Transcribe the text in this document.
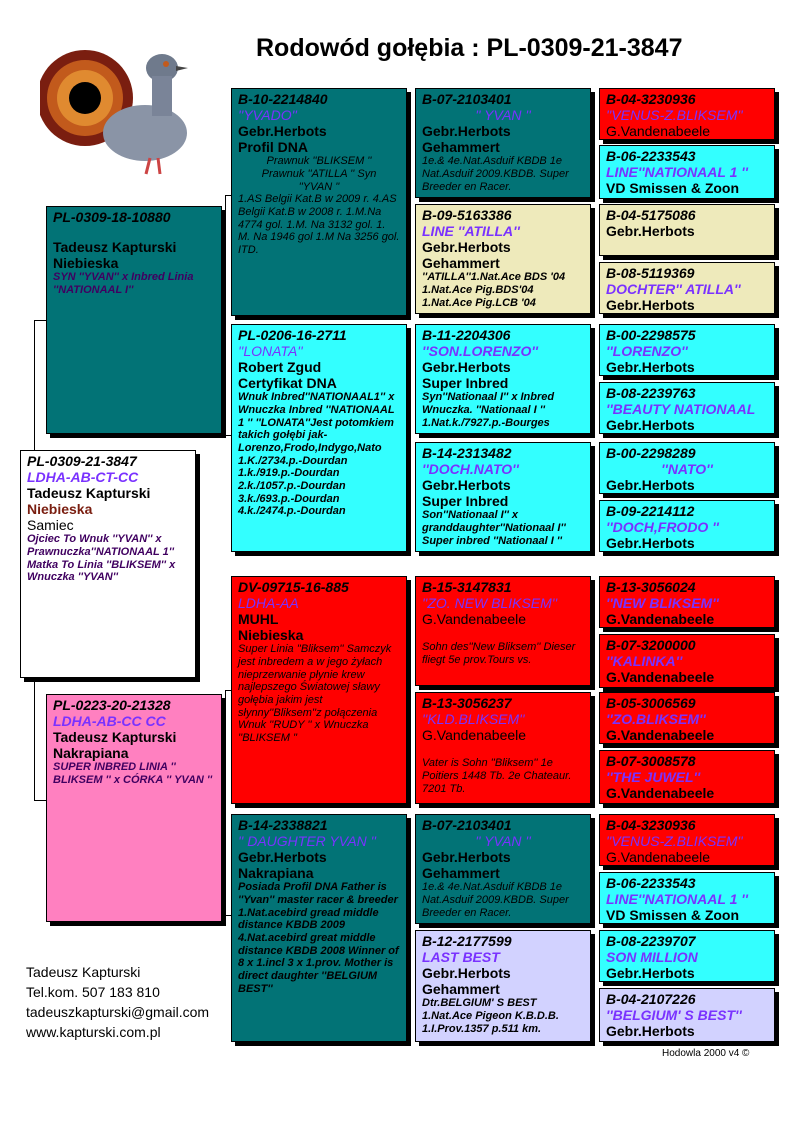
Rodowód gołębia : PL-0309-21-3847
PL-0309-21-3847
LDHA-AB-CT-CC
Tadeusz Kapturski
Niebieska
Samiec
Ojciec To Wnuk ''YVAN'' x Prawnuczka''NATIONAAL 1'' Matka To Linia ''BLIKSEM'' x Wnuczka ''YVAN''
PL-0309-18-10880
Tadeusz Kapturski
Niebieska
SYN ''YVAN'' x Inbred Linia ''NATIONAAL I''
PL-0223-20-21328
LDHA-AB-CC CC
Tadeusz Kapturski
Nakrapiana
SUPER INBRED LINIA '' BLIKSEM '' x CÓRKA '' YVAN ''
B-10-2214840
''YVADO''
Gebr.Herbots
Profil DNA
Prawnuk ''BLIKSEM '' Prawnuk ''ATILLA '' Syn ''YVAN ''
1.AS Belgii Kat.B w 2009 r. 4.AS Belgii Kat.B w 2008 r. 1.M.Na 4774 gol. 1.M. Na 3132 gol. 1. M. Na 1946 gol 1.M Na 3256 gol. ITD.
PL-0206-16-2711
''LONATA''
Robert Zgud
Certyfikat DNA
Wnuk Inbred''NATIONAAL1'' x Wnuczka Inbred ''NATIONAAL 1 '' ''LONATA''Jest potomkiem takich gołębi jak-Lorenzo,Frodo,Indygo,Nato 1.K./2734.p.-Dourdan 1.k./919.p.-Dourdan 2.k./1057.p.-Dourdan 3.k./693.p.-Dourdan 4.k./2474.p.-Dourdan
DV-09715-16-885
LDHA-AA
MUHL
Niebieska
Super Linia ''Bliksem'' Samczyk jest inbredem a w jego żyłach nieprzerwanie płynie krew najlepszego Światowej sławy gołębia jakim jest słynny''Bliksem''z połączenia Wnuk ''RUDY '' x Wnuczka ''BLIKSEM ''
B-14-2338821
'' DAUGHTER YVAN ''
Gebr.Herbots
Nakrapiana
Posiada Profil DNA Father is ''Yvan'' master racer & breeder 1.Nat.acebird gread middle distance KBDB 2009 4.Nat.acebird great middle distance KBDB 2008 Winner of 8 x 1.incl 3 x 1.prov. Mother is direct daughter ''BELGIUM BEST''
B-07-2103401
'' YVAN ''
Gebr.Herbots
Gehammert
1e.& 4e.Nat.Asduif KBDB 1e Nat.Asduif 2009.KBDB. Super Breeder en Racer.
B-09-5163386
LINE ''ATILLA''
Gebr.Herbots
Gehammert
''ATILLA''1.Nat.Ace BDS '04 1.Nat.Ace Pig.BDS'04 1.Nat.Ace Pig.LCB '04
B-11-2204306
''SON.LORENZO''
Gebr.Herbots
Super Inbred
Syn''Nationaal I'' x Inbred Wnuczka. ''Nationaal I '' 1.Nat.k./7927.p.-Bourges
B-14-2313482
''DOCH.NATO''
Gebr.Herbots
Super Inbred
Son''Nationaal I'' x granddaughter''Nationaal I'' Super inbred ''Nationaal I ''
B-15-3147831
''ZO. NEW BLIKSEM''
G.Vandenabeele
Sohn des''New Bliksem'' Dieser fliegt 5e prov.Tours vs.
B-13-3056237
''KLD.BLIKSEM''
G.Vandenabeele
Vater is Sohn ''Bliksem'' 1e Poitiers 1448 Tb. 2e Chateaur. 7201 Tb.
B-07-2103401
'' YVAN ''
Gebr.Herbots
Gehammert
1e.& 4e.Nat.Asduif KBDB 1e Nat.Asduif 2009.KBDB. Super Breeder en Racer.
B-12-2177599
LAST BEST
Gebr.Herbots
Gehammert
Dtr.BELGIUM' S BEST 1.Nat.Ace Pigeon K.B.D.B. 1.I.Prov.1357 p.511 km.
B-04-3230936
''VENUS-Z.BLIKSEM''
G.Vandenabeele
B-06-2233543
LINE''NATIONAAL 1 ''
VD Smissen & Zoon
B-04-5175086
Gebr.Herbots
B-08-5119369
DOCHTER'' ATILLA''
Gebr.Herbots
B-00-2298575
''LORENZO''
Gebr.Herbots
B-08-2239763
''BEAUTY NATIONAAL
Gebr.Herbots
B-00-2298289
''NATO''
Gebr.Herbots
B-09-2214112
''DOCH,FRODO ''
Gebr.Herbots
B-13-3056024
''NEW BLIKSEM''
G.Vandenabeele
B-07-3200000
''KALINKA''
G.Vandenabeele
B-05-3006569
''ZO.BLIKSEM''
G.Vandenabeele
B-07-3008578
''THE JUWEL''
G.Vandenabeele
B-04-3230936
''VENUS-Z.BLIKSEM''
G.Vandenabeele
B-06-2233543
LINE''NATIONAAL 1 ''
VD Smissen & Zoon
B-08-2239707
SON MILLION
Gebr.Herbots
B-04-2107226
''BELGIUM' S BEST''
Gebr.Herbots
Tadeusz Kapturski
Tel.kom. 507 183 810
tadeuszkapturski@gmail.com
www.kapturski.com.pl
Hodowla 2000 v4 ©
